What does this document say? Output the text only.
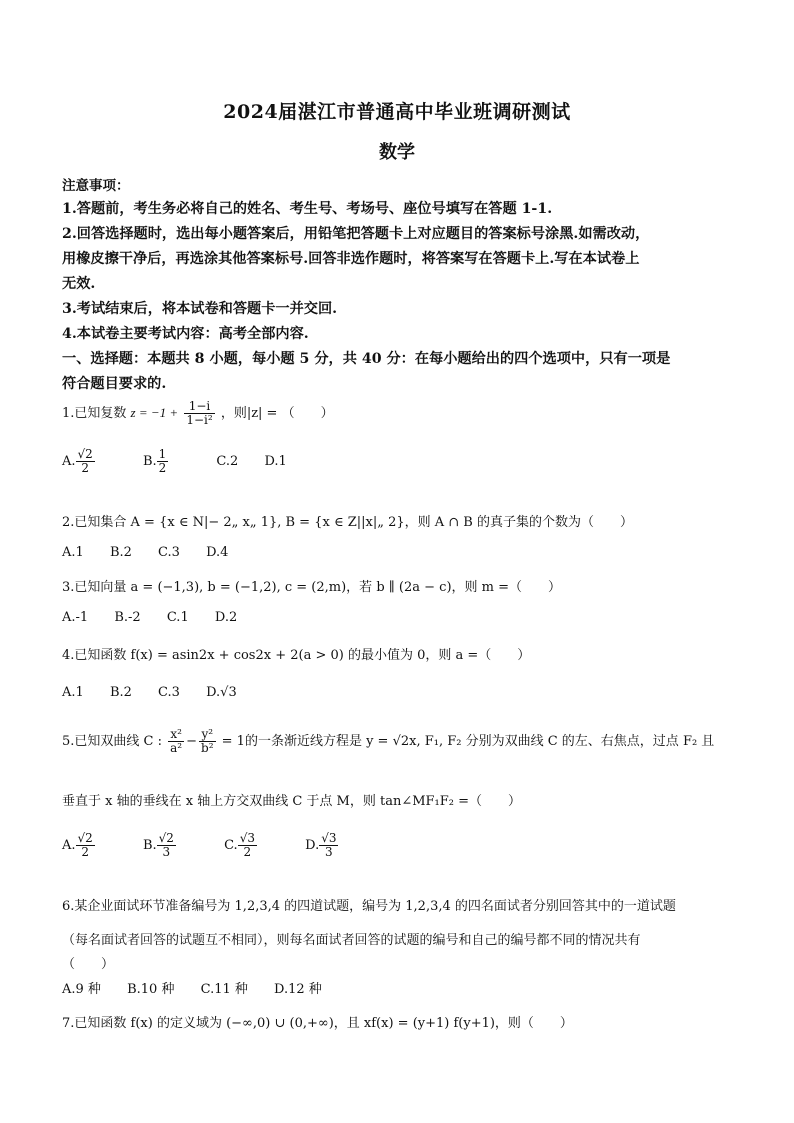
2024届湛江市普通高中毕业班调研测试
数学
注意事项：
1.答题前，考生务必将自己的姓名、考生号、考场号、座位号填写在答题 1-1.
2.回答选择题时，选出每小题答案后，用铅笔把答题卡上对应题目的答案标号涂黑.如需改动，
用橡皮擦干净后，再选涂其他答案标号.回答非选作题时，将答案写在答题卡上.写在本试卷上
无效.
3.考试结束后，将本试卷和答题卡一并交回.
4.本试卷主要考试内容：高考全部内容.
一、选择题：本题共 8 小题，每小题 5 分，共 40 分：在每小题给出的四个选项中，只有一项是
符合题目要求的.
1.已知复数 $z = -1 + \frac{1-i}{\text{1−i²}}$ ，则|z| = （　　）
A. $\frac{√2}{2} B$. $\frac{1}{2} C.2$ D.1
2.已知集合 A = {x ∈ N|− 2„ x„ 1}, B = {x ∈ Z||x|„ 2}，则 A ∩ B 的真子集的个数为（　　）
A.1 B.2 C.3 D.4
3.已知向量 a = (−1,3), b = (−1,2), c = (2,m)，若 b ∥ (2a − c)，则 m =（　　）
A.-1 B.-2 C.1 D.2
4.已知函数 f(x) = asin2x + cos2x + 2(a > 0) 的最小值为 0，则 a =（　　）
A.1 B.2 C.3 D.√3
5.已知双曲线 C : $\frac{\text{x²}}{\text{a²}} - \frac{\text{y²}}{\text{b²}} = 1$的一条渐近线方程是 y = √2x, F₁, F₂ 分别为双曲线 C 的左、右焦点，过点 F₂ 且
垂直于 x 轴的垂线在 x 轴上方交双曲线 C 于点 M，则 tan∠MF₁F₂ =（　　）
A. $\frac{√2}{2} B$. $\frac{√2}{3} C$. $\frac{√3}{2} D$. $\frac{√3}{3}$
6.某企业面试环节准备编号为 1,2,3,4 的四道试题，编号为 1,2,3,4 的四名面试者分别回答其中的一道试题
（每名面试者回答的试题互不相同），则每名面试者回答的试题的编号和自己的编号都不同的情况共有
（　　）
A.9 种 B.10 种 C.11 种 D.12 种
7.已知函数 f(x) 的定义域为 (−∞,0) ∪ (0,+∞)，且 xf(x) = (y+1) f(y+1)，则（　　）
